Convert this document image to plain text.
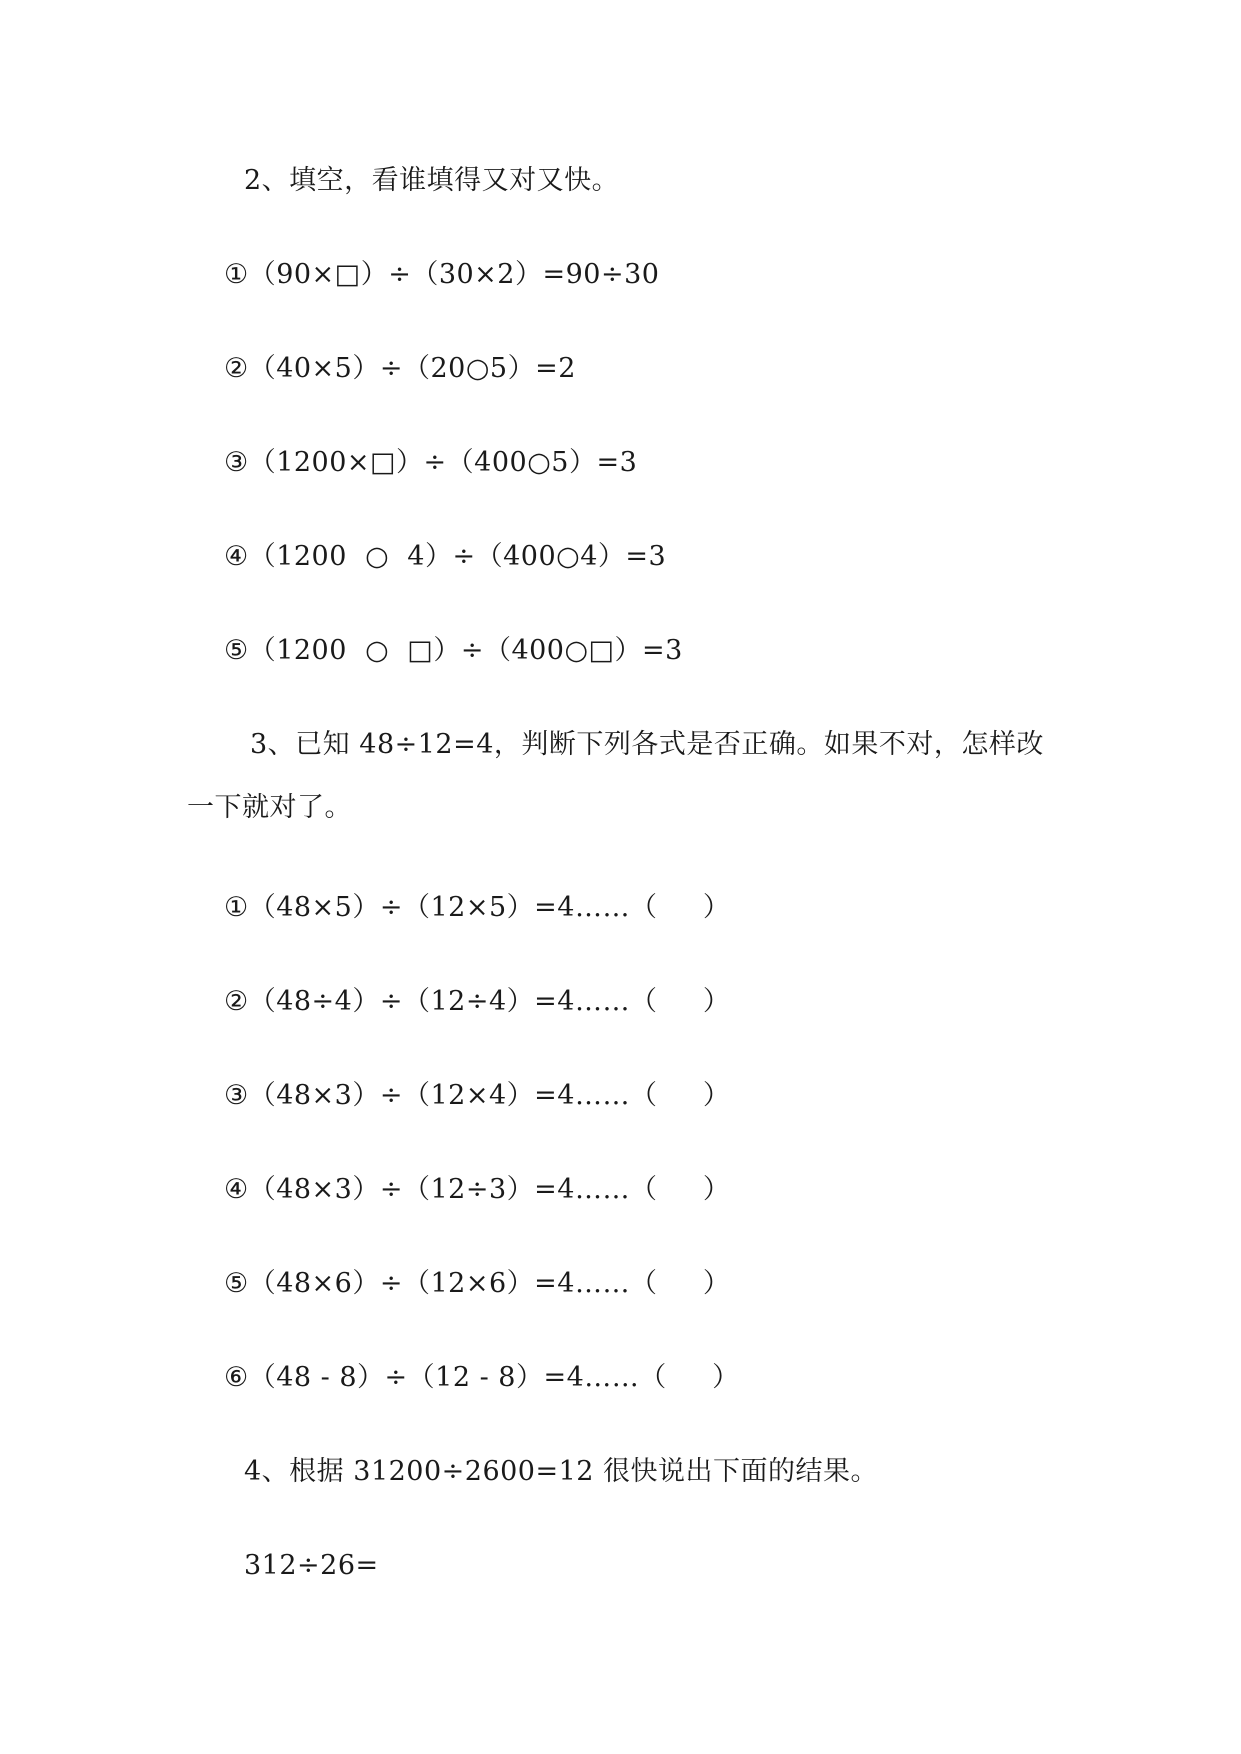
2、填空，看谁填得又对又快。
①（90×□）÷（30×2）=90÷30
②（40×5）÷（20○5）=2
③（1200×□）÷（400○5）=3
④（1200  ○  4）÷（400○4）=3
⑤（1200  ○  □）÷（400○□）=3
3、已知 48÷12=4，判断下列各式是否正确。如果不对，怎样改
一下就对了。
①（48×5）÷（12×5）=4……（     ）
②（48÷4）÷（12÷4）=4……（     ）
③（48×3）÷（12×4）=4……（     ）
④（48×3）÷（12÷3）=4……（     ）
⑤（48×6）÷（12×6）=4……（     ）
⑥（48 - 8）÷（12 - 8）=4……（     ）
4、根据 31200÷2600=12 很快说出下面的结果。
312÷26=
